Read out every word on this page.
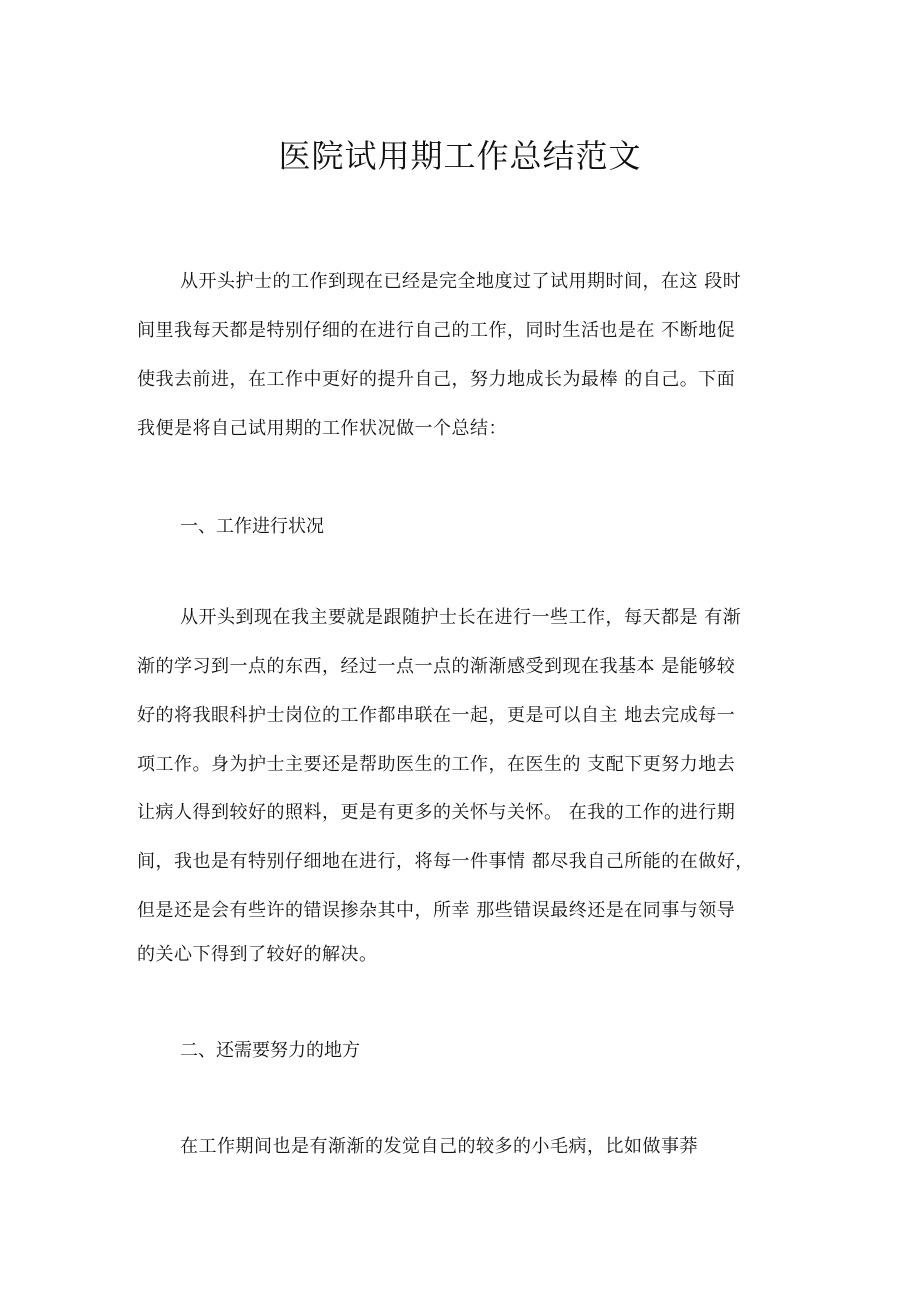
医院试用期工作总结范文

从开头护士的工作到现在已经是完全地度过了试用期时间，在这 段时

间里我每天都是特别仔细的在进行自己的工作，同时生活也是在 不断地促

使我去前进，在工作中更好的提升自己，努力地成长为最棒 的自己。下面

我便是将自己试用期的工作状况做一个总结：

一、工作进行状况

从开头到现在我主要就是跟随护士长在进行一些工作，每天都是 有渐

渐的学习到一点的东西，经过一点一点的渐渐感受到现在我基本 是能够较

好的将我眼科护士岗位的工作都串联在一起，更是可以自主 地去完成每一

项工作。身为护士主要还是帮助医生的工作，在医生的 支配下更努力地去

让病人得到较好的照料，更是有更多的关怀与关怀。 在我的工作的进行期

间，我也是有特别仔细地在进行，将每一件事情 都尽我自己所能的在做好，

但是还是会有些许的错误掺杂其中，所幸 那些错误最终还是在同事与领导

的关心下得到了较好的解决。

二、还需要努力的地方

在工作期间也是有渐渐的发觉自己的较多的小毛病，比如做事莽
